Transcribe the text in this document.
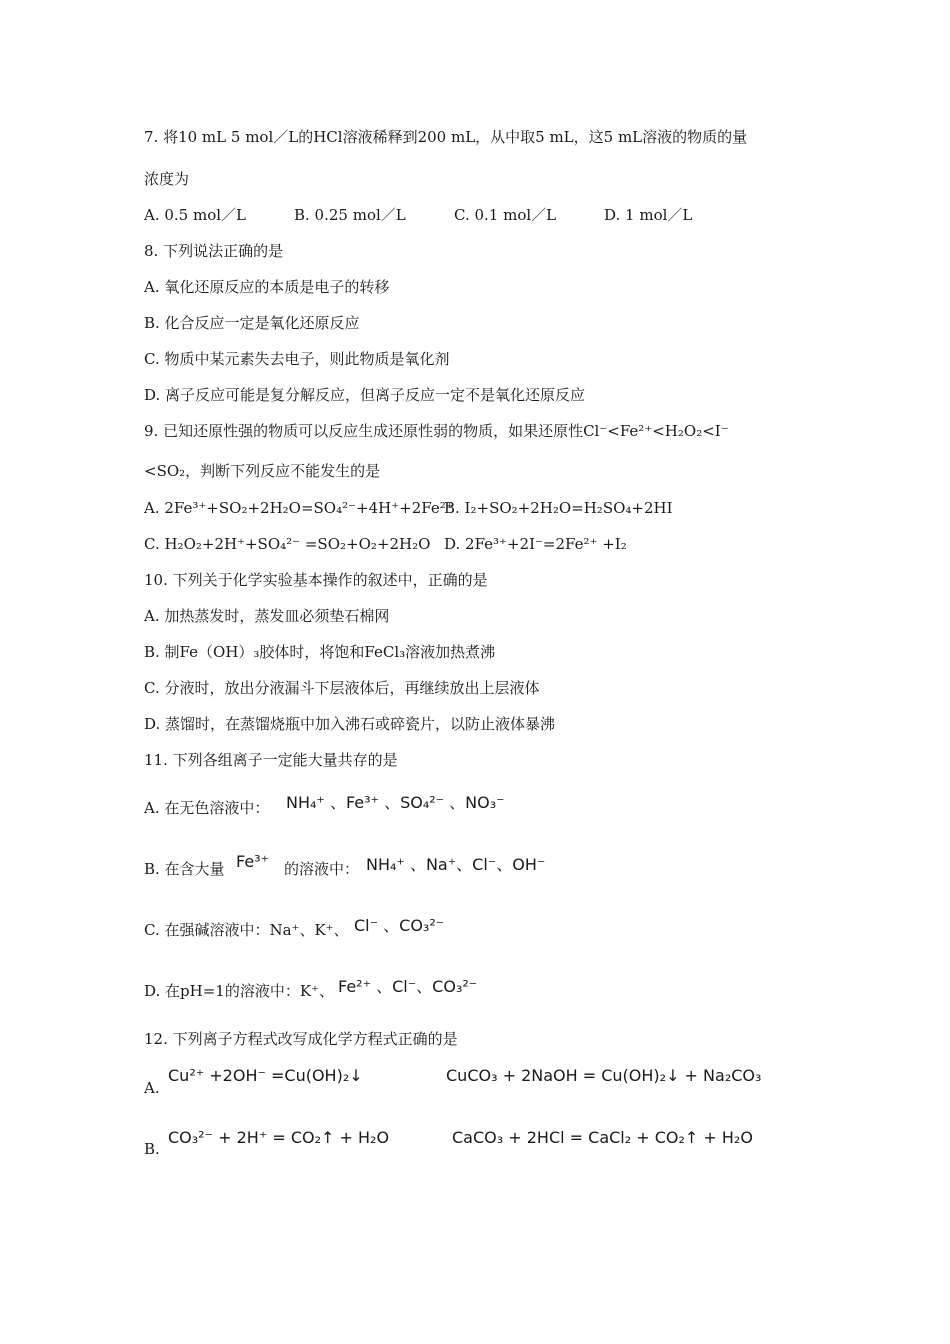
7. 将10 mL 5 mol／L的HCl溶液稀释到200 mL，从中取5 mL，这5 mL溶液的物质的量
浓度为
A. 0.5 mol／L	B. 0.25 mol／L	C. 0.1 mol／L	D. 1 mol／L
8. 下列说法正确的是
A. 氧化还原反应的本质是电子的转移
B. 化合反应一定是氧化还原反应
C. 物质中某元素失去电子，则此物质是氧化剂
D. 离子反应可能是复分解反应，但离子反应一定不是氧化还原反应
9. 已知还原性强的物质可以反应生成还原性弱的物质，如果还原性Cl⁻<Fe²⁺<H₂O₂<I⁻
<SO₂，判断下列反应不能发生的是
A. 2Fe³⁺+SO₂+2H₂O=SO₄²⁻+4H⁺+2Fe²⁺
B. I₂+SO₂+2H₂O=H₂SO₄+2HI
C. H₂O₂+2H⁺+SO₄²⁻ =SO₂+O₂+2H₂O D. 2Fe³⁺+2I⁻=2Fe²⁺ +I₂
10. 下列关于化学实验基本操作的叙述中，正确的是
A. 加热蒸发时，蒸发皿必须垫石棉网
B. 制Fe（OH）₃胶体时，将饱和FeCl₃溶液加热煮沸
C. 分液时，放出分液漏斗下层液体后，再继续放出上层液体
D. 蒸馏时，在蒸馏烧瓶中加入沸石或碎瓷片，以防止液体暴沸
11. 下列各组离子一定能大量共存的是
A. 在无色溶液中： NH₄⁺ 、Fe³⁺ 、SO₄²⁻ 、NO₃⁻
B. 在含大量 Fe³⁺ 的溶液中： NH₄⁺ 、Na⁺、Cl⁻、OH⁻
C. 在强碱溶液中：Na⁺、K⁺、 Cl⁻ 、CO₃²⁻
D. 在pH=1的溶液中：K⁺、 Fe²⁺ 、Cl⁻、CO₃²⁻
12. 下列离子方程式改写成化学方程式正确的是
A.
Cu²⁺ +2OH⁻ =Cu(OH)₂↓	CuCO₃ + 2NaOH = Cu(OH)₂↓ + Na₂CO₃
B.
CO₃²⁻ + 2H⁺ = CO₂↑ + H₂O	CaCO₃ + 2HCl = CaCl₂ + CO₂↑ + H₂O
